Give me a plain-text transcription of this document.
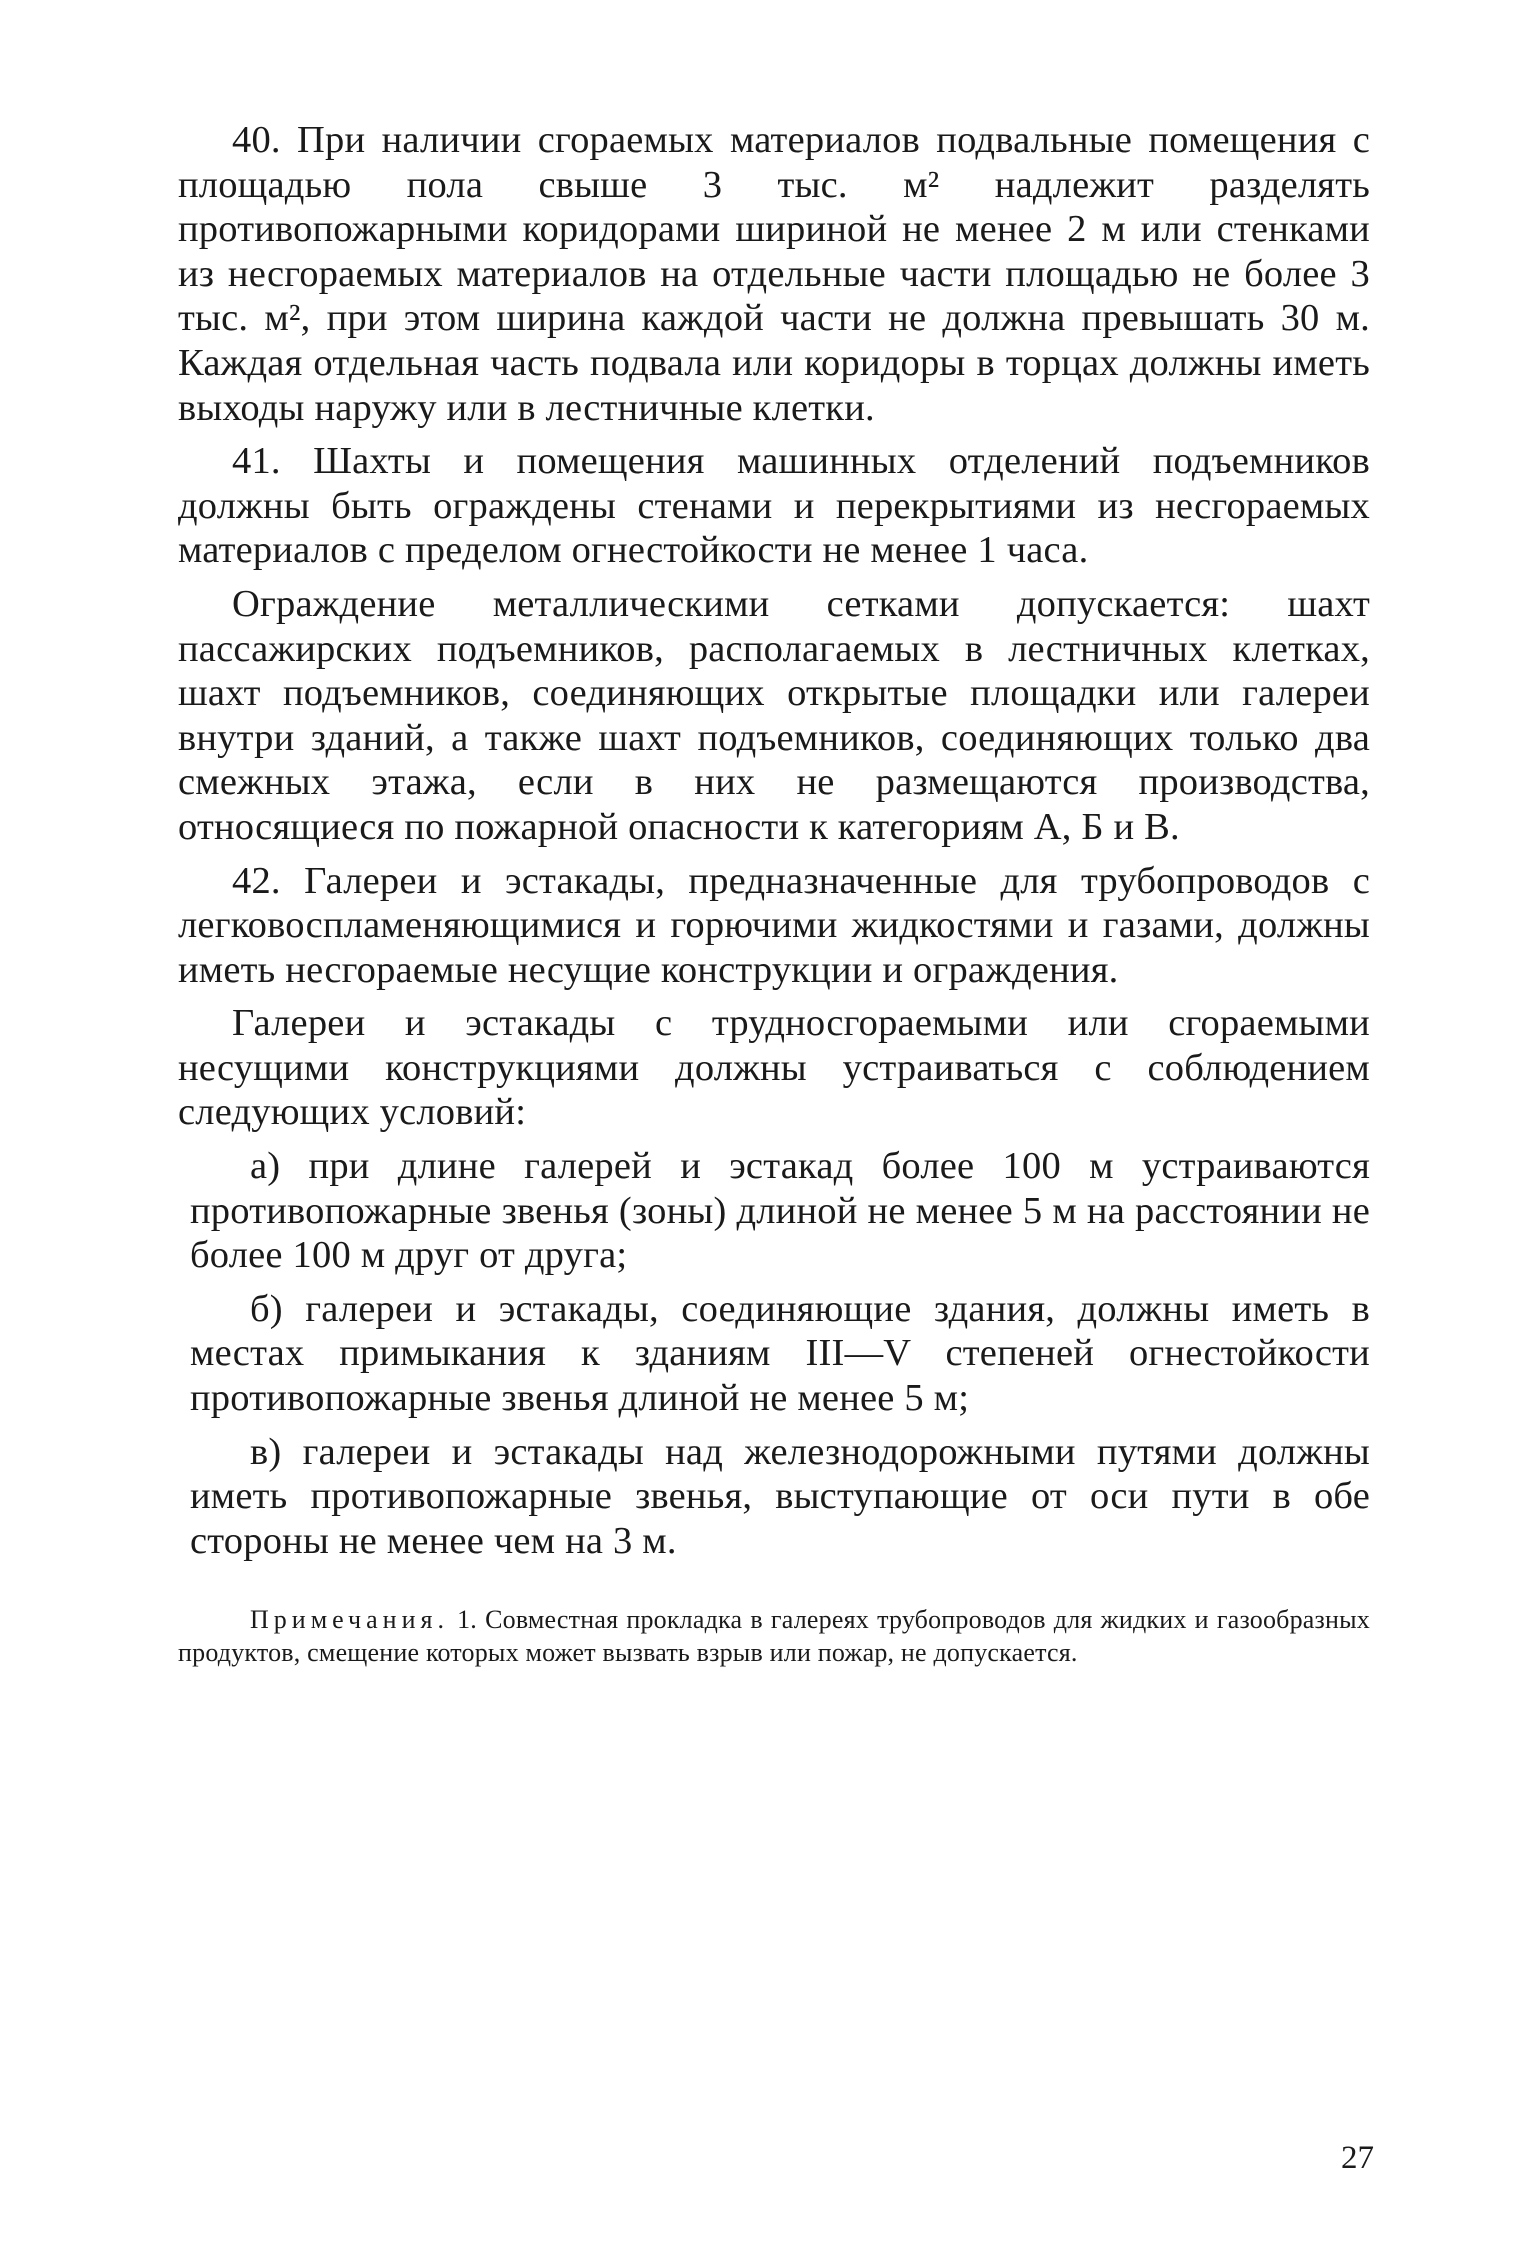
40. При наличии сгораемых материалов подвальные помещения с площадью пола свыше 3 тыс. м² надлежит разделять противопожарными коридорами шириной не менее 2 м или стенками из несгораемых материалов на отдельные части площадью не более 3 тыс. м², при этом ширина каждой части не должна превышать 30 м. Каждая отдельная часть подвала или коридоры в торцах должны иметь выходы наружу или в лестничные клетки.

41. Шахты и помещения машинных отделений подъемников должны быть ограждены стенами и перекрытиями из несгораемых материалов с пределом огнестойкости не менее 1 часа.

Ограждение металлическими сетками допускается: шахт пассажирских подъемников, располагаемых в лестничных клетках, шахт подъемников, соединяющих открытые площадки или галереи внутри зданий, а также шахт подъемников, соединяющих только два смежных этажа, если в них не размещаются производства, относящиеся по пожарной опасности к категориям А, Б и В.

42. Галереи и эстакады, предназначенные для трубопроводов с легковоспламеняющимися и горючими жидкостями и газами, должны иметь несгораемые несущие конструкции и ограждения.

Галереи и эстакады с трудносгораемыми или сгораемыми несущими конструкциями должны устраиваться с соблюдением следующих условий:

а) при длине галерей и эстакад более 100 м устраиваются противопожарные звенья (зоны) длиной не менее 5 м на расстоянии не более 100 м друг от друга;

б) галереи и эстакады, соединяющие здания, должны иметь в местах примыкания к зданиям III—V степеней огнестойкости противопожарные звенья длиной не менее 5 м;

в) галереи и эстакады над железнодорожными путями должны иметь противопожарные звенья, выступающие от оси пути в обе стороны не менее чем на 3 м.

Примечания. 1. Совместная прокладка в галереях трубопроводов для жидких и газообразных продуктов, смещение которых может вызвать взрыв или пожар, не допускается.

27
